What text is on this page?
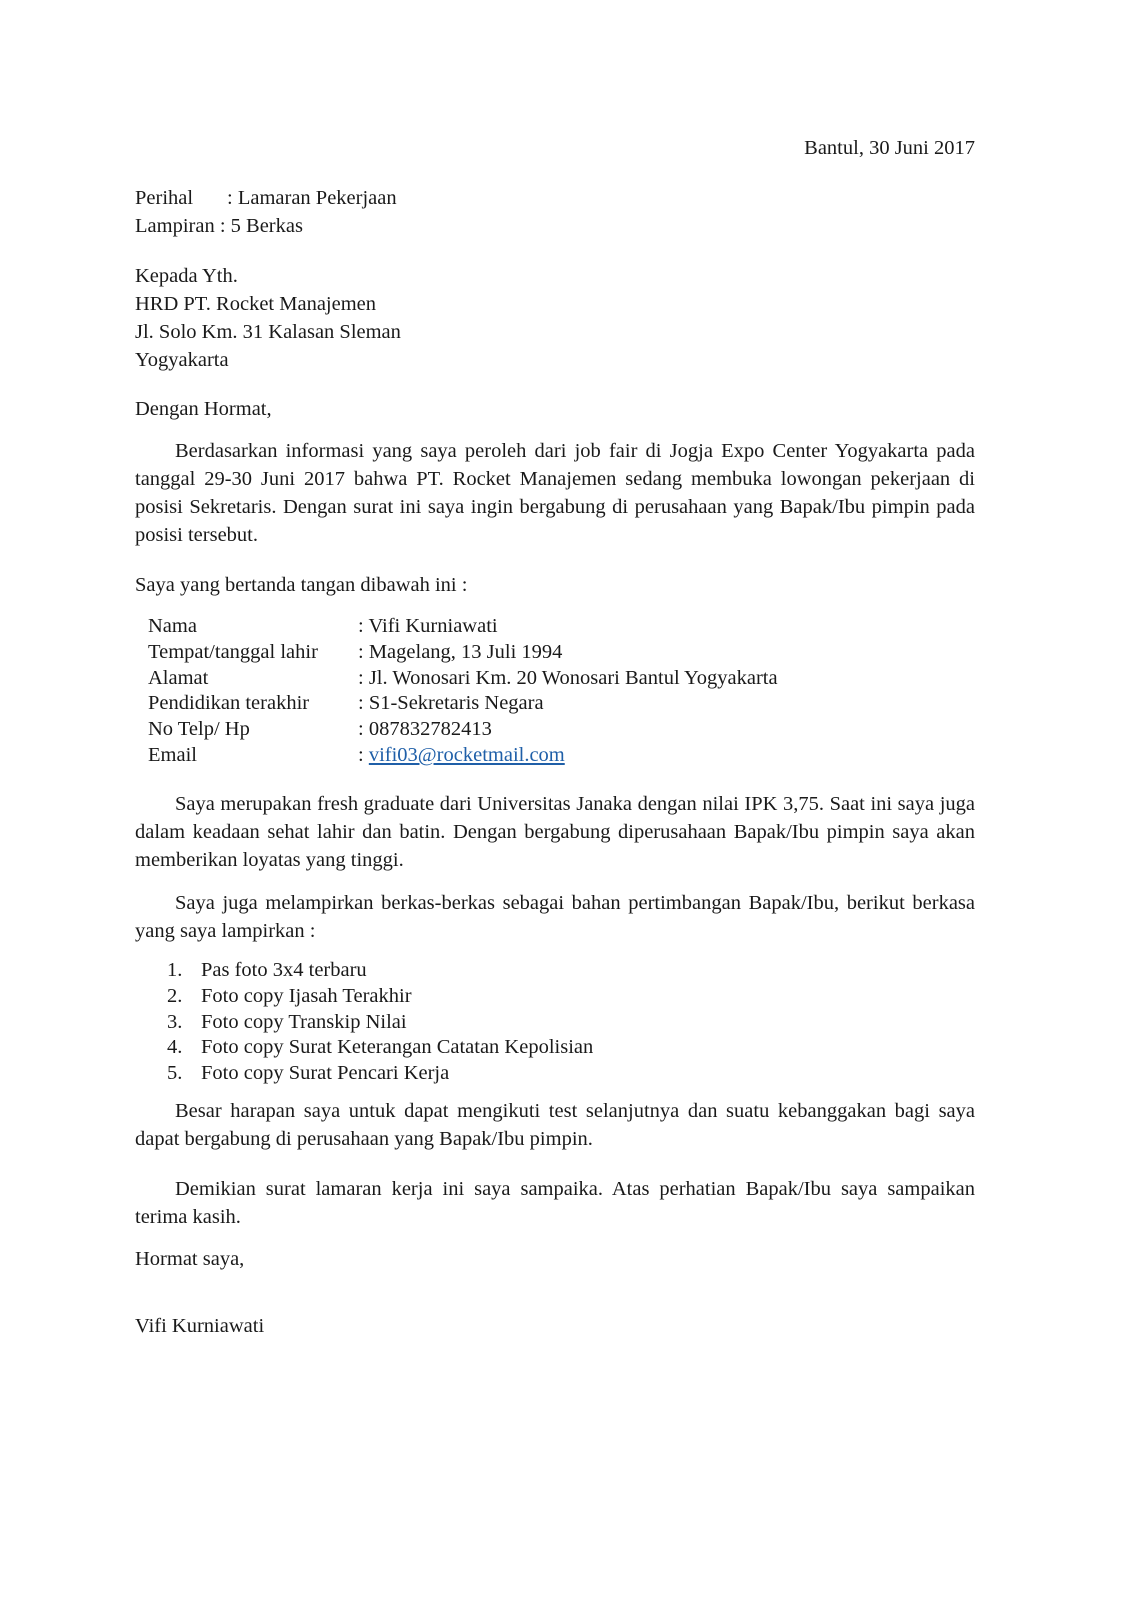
Bantul, 30 Juni 2017
Perihal : Lamaran Pekerjaan
Lampiran : 5 Berkas
Kepada Yth.
HRD PT. Rocket Manajemen
Jl. Solo Km. 31 Kalasan Sleman
Yogyakarta
Dengan Hormat,

Berdasarkan informasi yang saya peroleh dari job fair di Jogja Expo Center Yogyakarta pada tanggal 29-30 Juni 2017 bahwa PT. Rocket Manajemen sedang membuka lowongan pekerjaan di posisi Sekretaris. Dengan surat ini saya ingin bergabung di perusahaan yang Bapak/Ibu pimpin pada posisi tersebut.

Saya yang bertanda tangan dibawah ini :
Nama	: Vifi Kurniawati
Tempat/tanggal lahir : Magelang, 13 Juli 1994
Alamat	: Jl. Wonosari Km. 20 Wonosari Bantul Yogyakarta
Pendidikan terakhir : S1-Sekretaris Negara
No Telp/ Hp	: 087832782413
Email	: vifi03@rocketmail.com

Saya merupakan fresh graduate dari Universitas Janaka dengan nilai IPK 3,75. Saat ini saya juga dalam keadaan sehat lahir dan batin. Dengan bergabung diperusahaan Bapak/Ibu pimpin saya akan memberikan loyatas yang tinggi.

Saya juga melampirkan berkas-berkas sebagai bahan pertimbangan Bapak/Ibu, berikut berkasa yang saya lampirkan :

1. Pas foto 3x4 terbaru
2. Foto copy Ijasah Terakhir
3. Foto copy Transkip Nilai
4. Foto copy Surat Keterangan Catatan Kepolisian
5. Foto copy Surat Pencari Kerja

Besar harapan saya untuk dapat mengikuti test selanjutnya dan suatu kebanggakan bagi saya dapat bergabung di perusahaan yang Bapak/Ibu pimpin.

Demikian surat lamaran kerja ini saya sampaika. Atas perhatian Bapak/Ibu saya sampaikan terima kasih.

Hormat saya,
Vifi Kurniawati
